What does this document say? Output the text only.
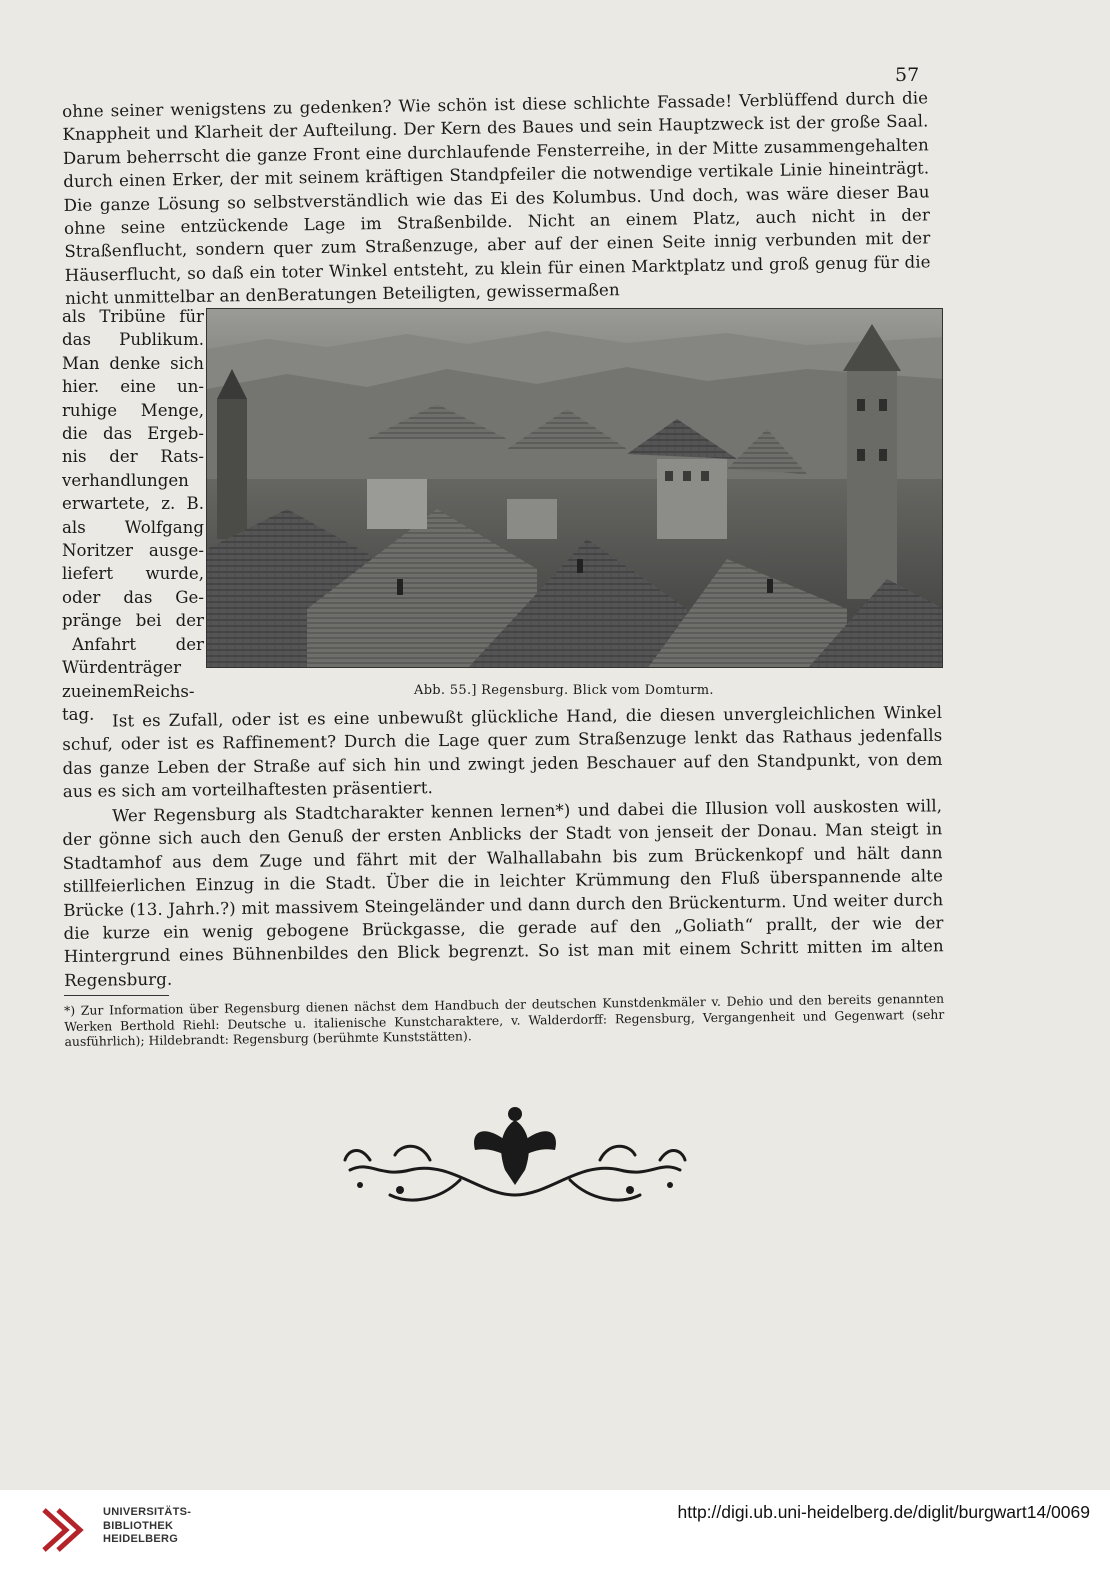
57
ohne seiner wenigstens zu gedenken? Wie schön ist diese schlichte Fassade! Verblüffend durch die Knappheit und Klarheit der Aufteilung. Der Kern des Baues und sein Hauptzweck ist der große Saal. Darum beherrscht die ganze Front eine durchlaufende Fensterreihe, in der Mitte zusammengehalten durch einen Erker, der mit seinem kräftigen Standpfeiler die notwendige vertikale Linie hineinträgt. Die ganze Lösung so selbstverständlich wie das Ei des Kolumbus. Und doch, was wäre dieser Bau ohne seine entzückende Lage im Straßenbilde. Nicht an einem Platz, auch nicht in der Straßenflucht, sondern quer zum Straßenzuge, aber auf der einen Seite innig verbunden mit der Häuserflucht, so daß ein toter Winkel entsteht, zu klein für einen Marktplatz und groß genug für die nicht unmittelbar an denBeratungen Beteiligten, gewissermaßen
als Tribüne für
das Publikum.
Man denke sich
hier. eine un-
ruhige Menge,
die das Ergeb-
nis der Rats-
verhandlungen
erwartete, z. B.
als Wolfgang
Noritzer ausge-
liefert wurde,
oder das Ge-
pränge bei der
Anfahrt der
Würdenträger
zueinemReichs-
tag.
Abb. 55.] Regensburg. Blick vom Domturm.
Ist es Zufall, oder ist es eine unbewußt glückliche Hand, die diesen unvergleichlichen Winkel schuf, oder ist es Raffinement? Durch die Lage quer zum Straßenzuge lenkt das Rathaus jedenfalls das ganze Leben der Straße auf sich hin und zwingt jeden Beschauer auf den Standpunkt, von dem aus es sich am vorteilhaftesten präsentiert.
Wer Regensburg als Stadtcharakter kennen lernen*) und dabei die Illusion voll auskosten will, der gönne sich auch den Genuß der ersten Anblicks der Stadt von jenseit der Donau. Man steigt in Stadtamhof aus dem Zuge und fährt mit der Walhallabahn bis zum Brückenkopf und hält dann stillfeierlichen Einzug in die Stadt. Über die in leichter Krümmung den Fluß überspannende alte Brücke (13. Jahrh.?) mit massivem Steingeländer und dann durch den Brückenturm. Und weiter durch die kurze ein wenig gebogene Brückgasse, die gerade auf den „Goliath“ prallt, der wie der Hintergrund eines Bühnenbildes den Blick begrenzt. So ist man mit einem Schritt mitten im alten Regensburg.
*) Zur Information über Regensburg dienen nächst dem Handbuch der deutschen Kunstdenkmäler v. Dehio und den bereits genannten Werken Berthold Riehl: Deutsche u. italienische Kunstcharaktere, v. Walderdorff: Regensburg, Vergangenheit und Gegenwart (sehr ausführlich); Hildebrandt: Regensburg (berühmte Kunststätten).
UNIVERSITÄTS-
BIBLIOTHEK
HEIDELBERG
http://digi.ub.uni-heidelberg.de/diglit/burgwart14/0069
